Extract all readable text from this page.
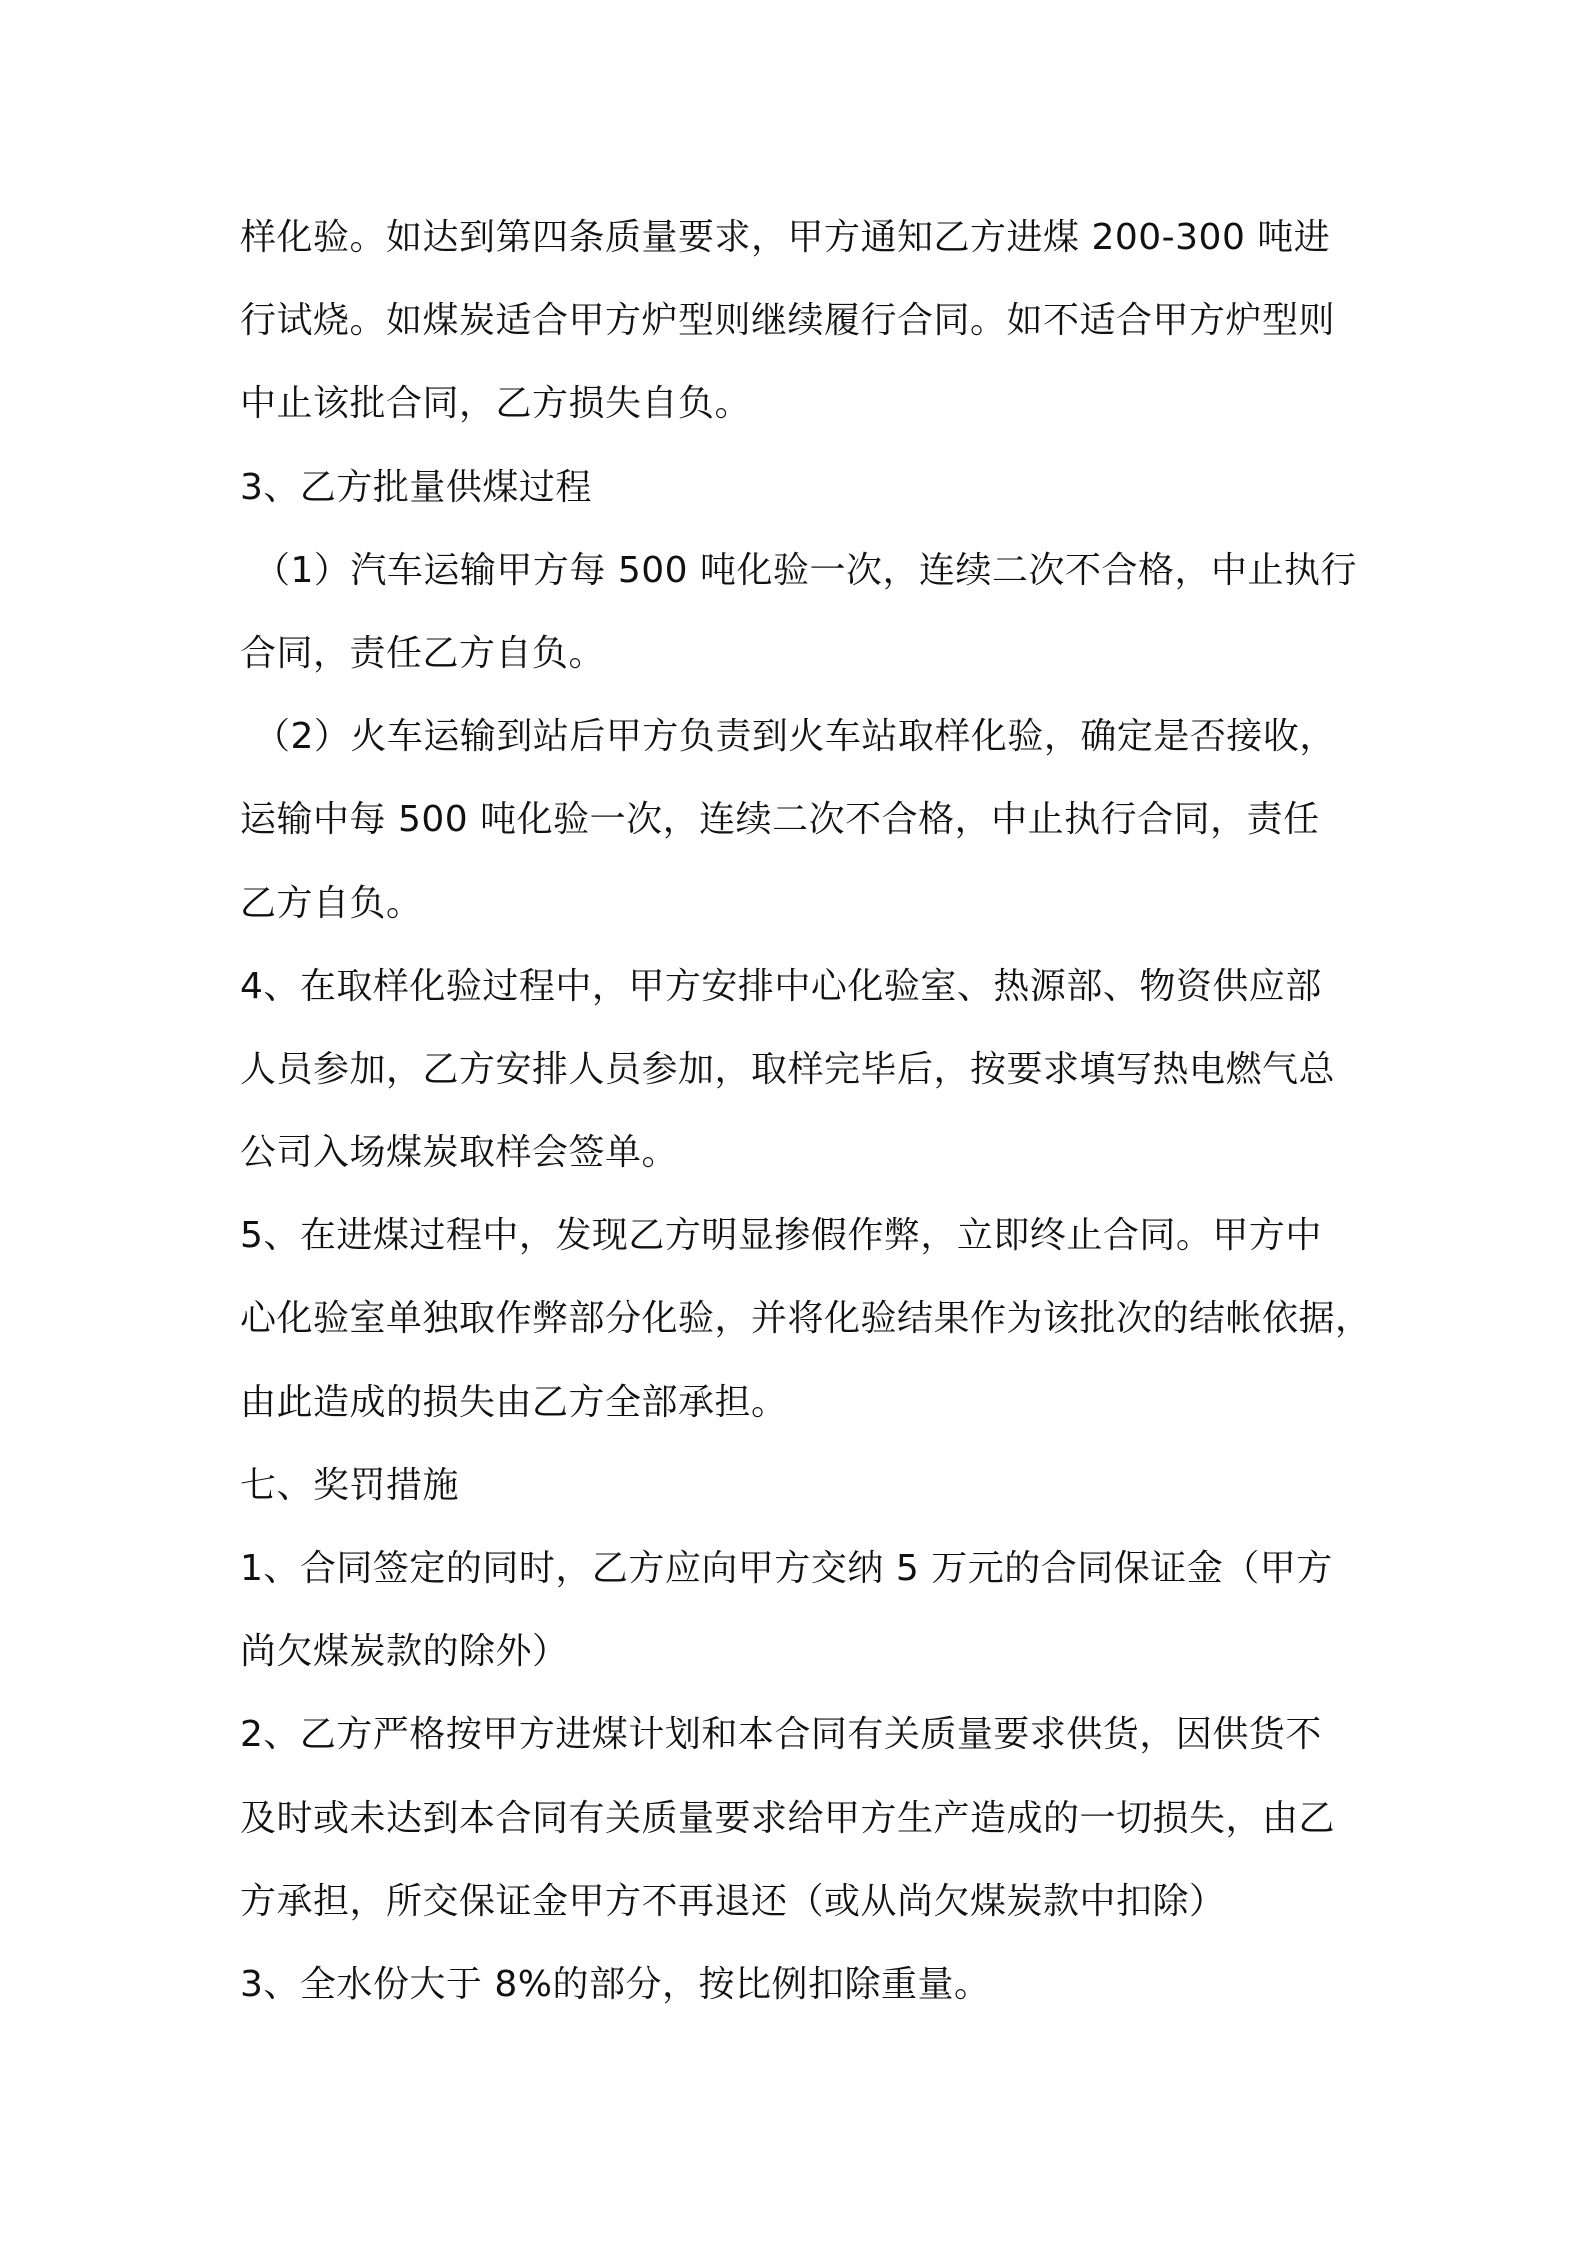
样化验。如达到第四条质量要求，甲方通知乙方进煤 200-300 吨进
行试烧。如煤炭适合甲方炉型则继续履行合同。如不适合甲方炉型则
中止该批合同，乙方损失自负。
3、乙方批量供煤过程
（1）汽车运输甲方每 500 吨化验一次，连续二次不合格，中止执行
合同，责任乙方自负。
（2）火车运输到站后甲方负责到火车站取样化验，确定是否接收，
运输中每 500 吨化验一次，连续二次不合格，中止执行合同，责任
乙方自负。
4、在取样化验过程中，甲方安排中心化验室、热源部、物资供应部
人员参加，乙方安排人员参加，取样完毕后，按要求填写热电燃气总
公司入场煤炭取样会签单。
5、在进煤过程中，发现乙方明显掺假作弊，立即终止合同。甲方中
心化验室单独取作弊部分化验，并将化验结果作为该批次的结帐依据，
由此造成的损失由乙方全部承担。
七、奖罚措施
1、合同签定的同时，乙方应向甲方交纳 5 万元的合同保证金（甲方
尚欠煤炭款的除外）
2、乙方严格按甲方进煤计划和本合同有关质量要求供货，因供货不
及时或未达到本合同有关质量要求给甲方生产造成的一切损失，由乙
方承担，所交保证金甲方不再退还（或从尚欠煤炭款中扣除）
3、全水份大于 8%的部分，按比例扣除重量。
